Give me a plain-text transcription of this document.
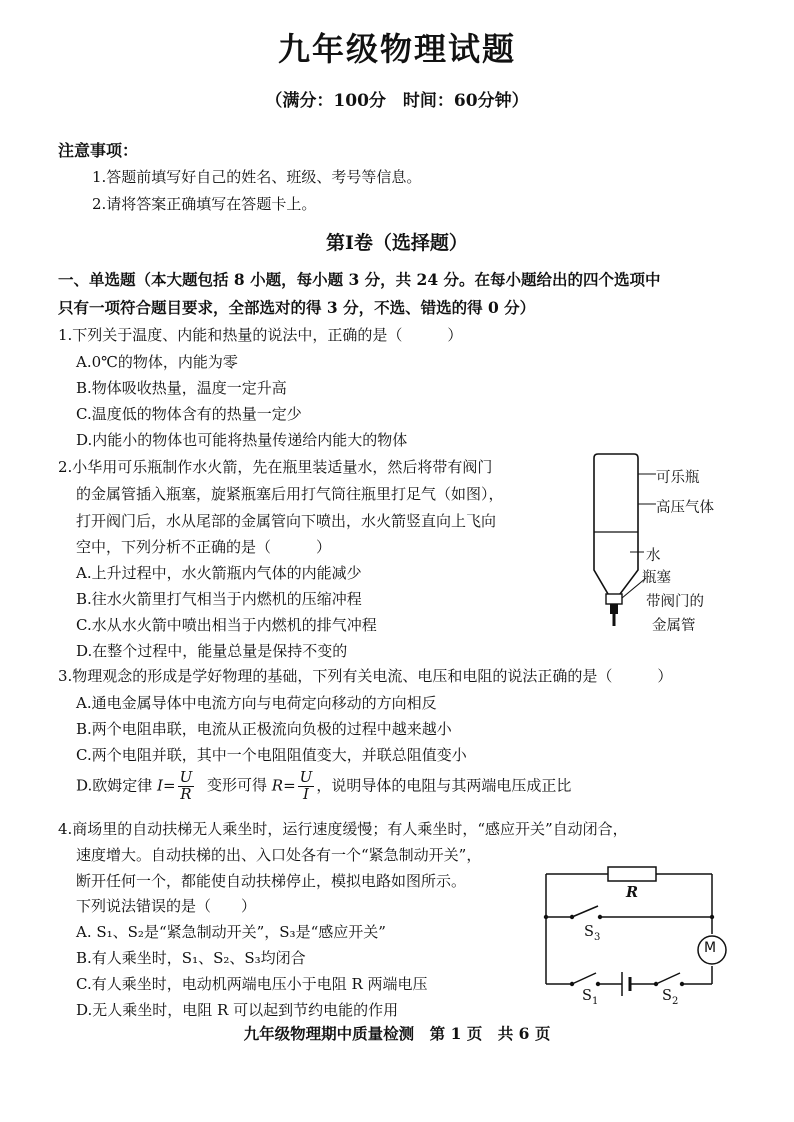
九年级物理试题
（满分：100分　时间：60分钟）
注意事项：
1.答题前填写好自己的姓名、班级、考号等信息。
2.请将答案正确填写在答题卡上。
第Ⅰ卷（选择题）
一、单选题（本大题包括 8 小题，每小题 3 分，共 24 分。在每小题给出的四个选项中
只有一项符合题目要求，全部选对的得 3 分，不选、错选的得 0 分）
1.下列关于温度、内能和热量的说法中，正确的是（　　　）
A.0℃的物体，内能为零
B.物体吸收热量，温度一定升高
C.温度低的物体含有的热量一定少
D.内能小的物体也可能将热量传递给内能大的物体
2.小华用可乐瓶制作水火箭，先在瓶里装适量水，然后将带有阀门
的金属管插入瓶塞，旋紧瓶塞后用打气筒往瓶里打足气（如图），
打开阀门后，水从尾部的金属管向下喷出，水火箭竖直向上飞向
空中，下列分析不正确的是（　　　）
A.上升过程中，水火箭瓶内气体的内能减少
B.往水火箭里打气相当于内燃机的压缩冲程
C.水从水火箭中喷出相当于内燃机的排气冲程
D.在整个过程中，能量总量是保持不变的
可乐瓶
高压气体
水
瓶塞
带阀门的
金属管
3.物理观念的形成是学好物理的基础，下列有关电流、电压和电阻的说法正确的是（　　　）
A.通电金属导体中电流方向与电荷定向移动的方向相反
B.两个电阻串联，电流从正极流向负极的过程中越来越小
C.两个电阻并联，其中一个电阻阻值变大，并联总阻值变小
D.欧姆定律 $I= \frac{U}{R}$ 变形可得 $R= \frac{U}{I}$ ，说明导体的电阻与其两端电压成正比
4.商场里的自动扶梯无人乘坐时，运行速度缓慢；有人乘坐时，“感应开关”自动闭合，
速度增大。自动扶梯的出、入口处各有一个“紧急制动开关”，
断开任何一个，都能使自动扶梯停止，模拟电路如图所示。
下列说法错误的是（　　）
A. S₁、S₂是“紧急制动开关”，S₃是“感应开关”
B.有人乘坐时，S₁、S₂、S₃均闭合
C.有人乘坐时，电动机两端电压小于电阻 R 两端电压
D.无人乘坐时，电阻 R 可以起到节约电能的作用
R
M
$S_3$
$S_1$	$S_2$
九年级物理期中质量检测　第 1 页　共 6 页
